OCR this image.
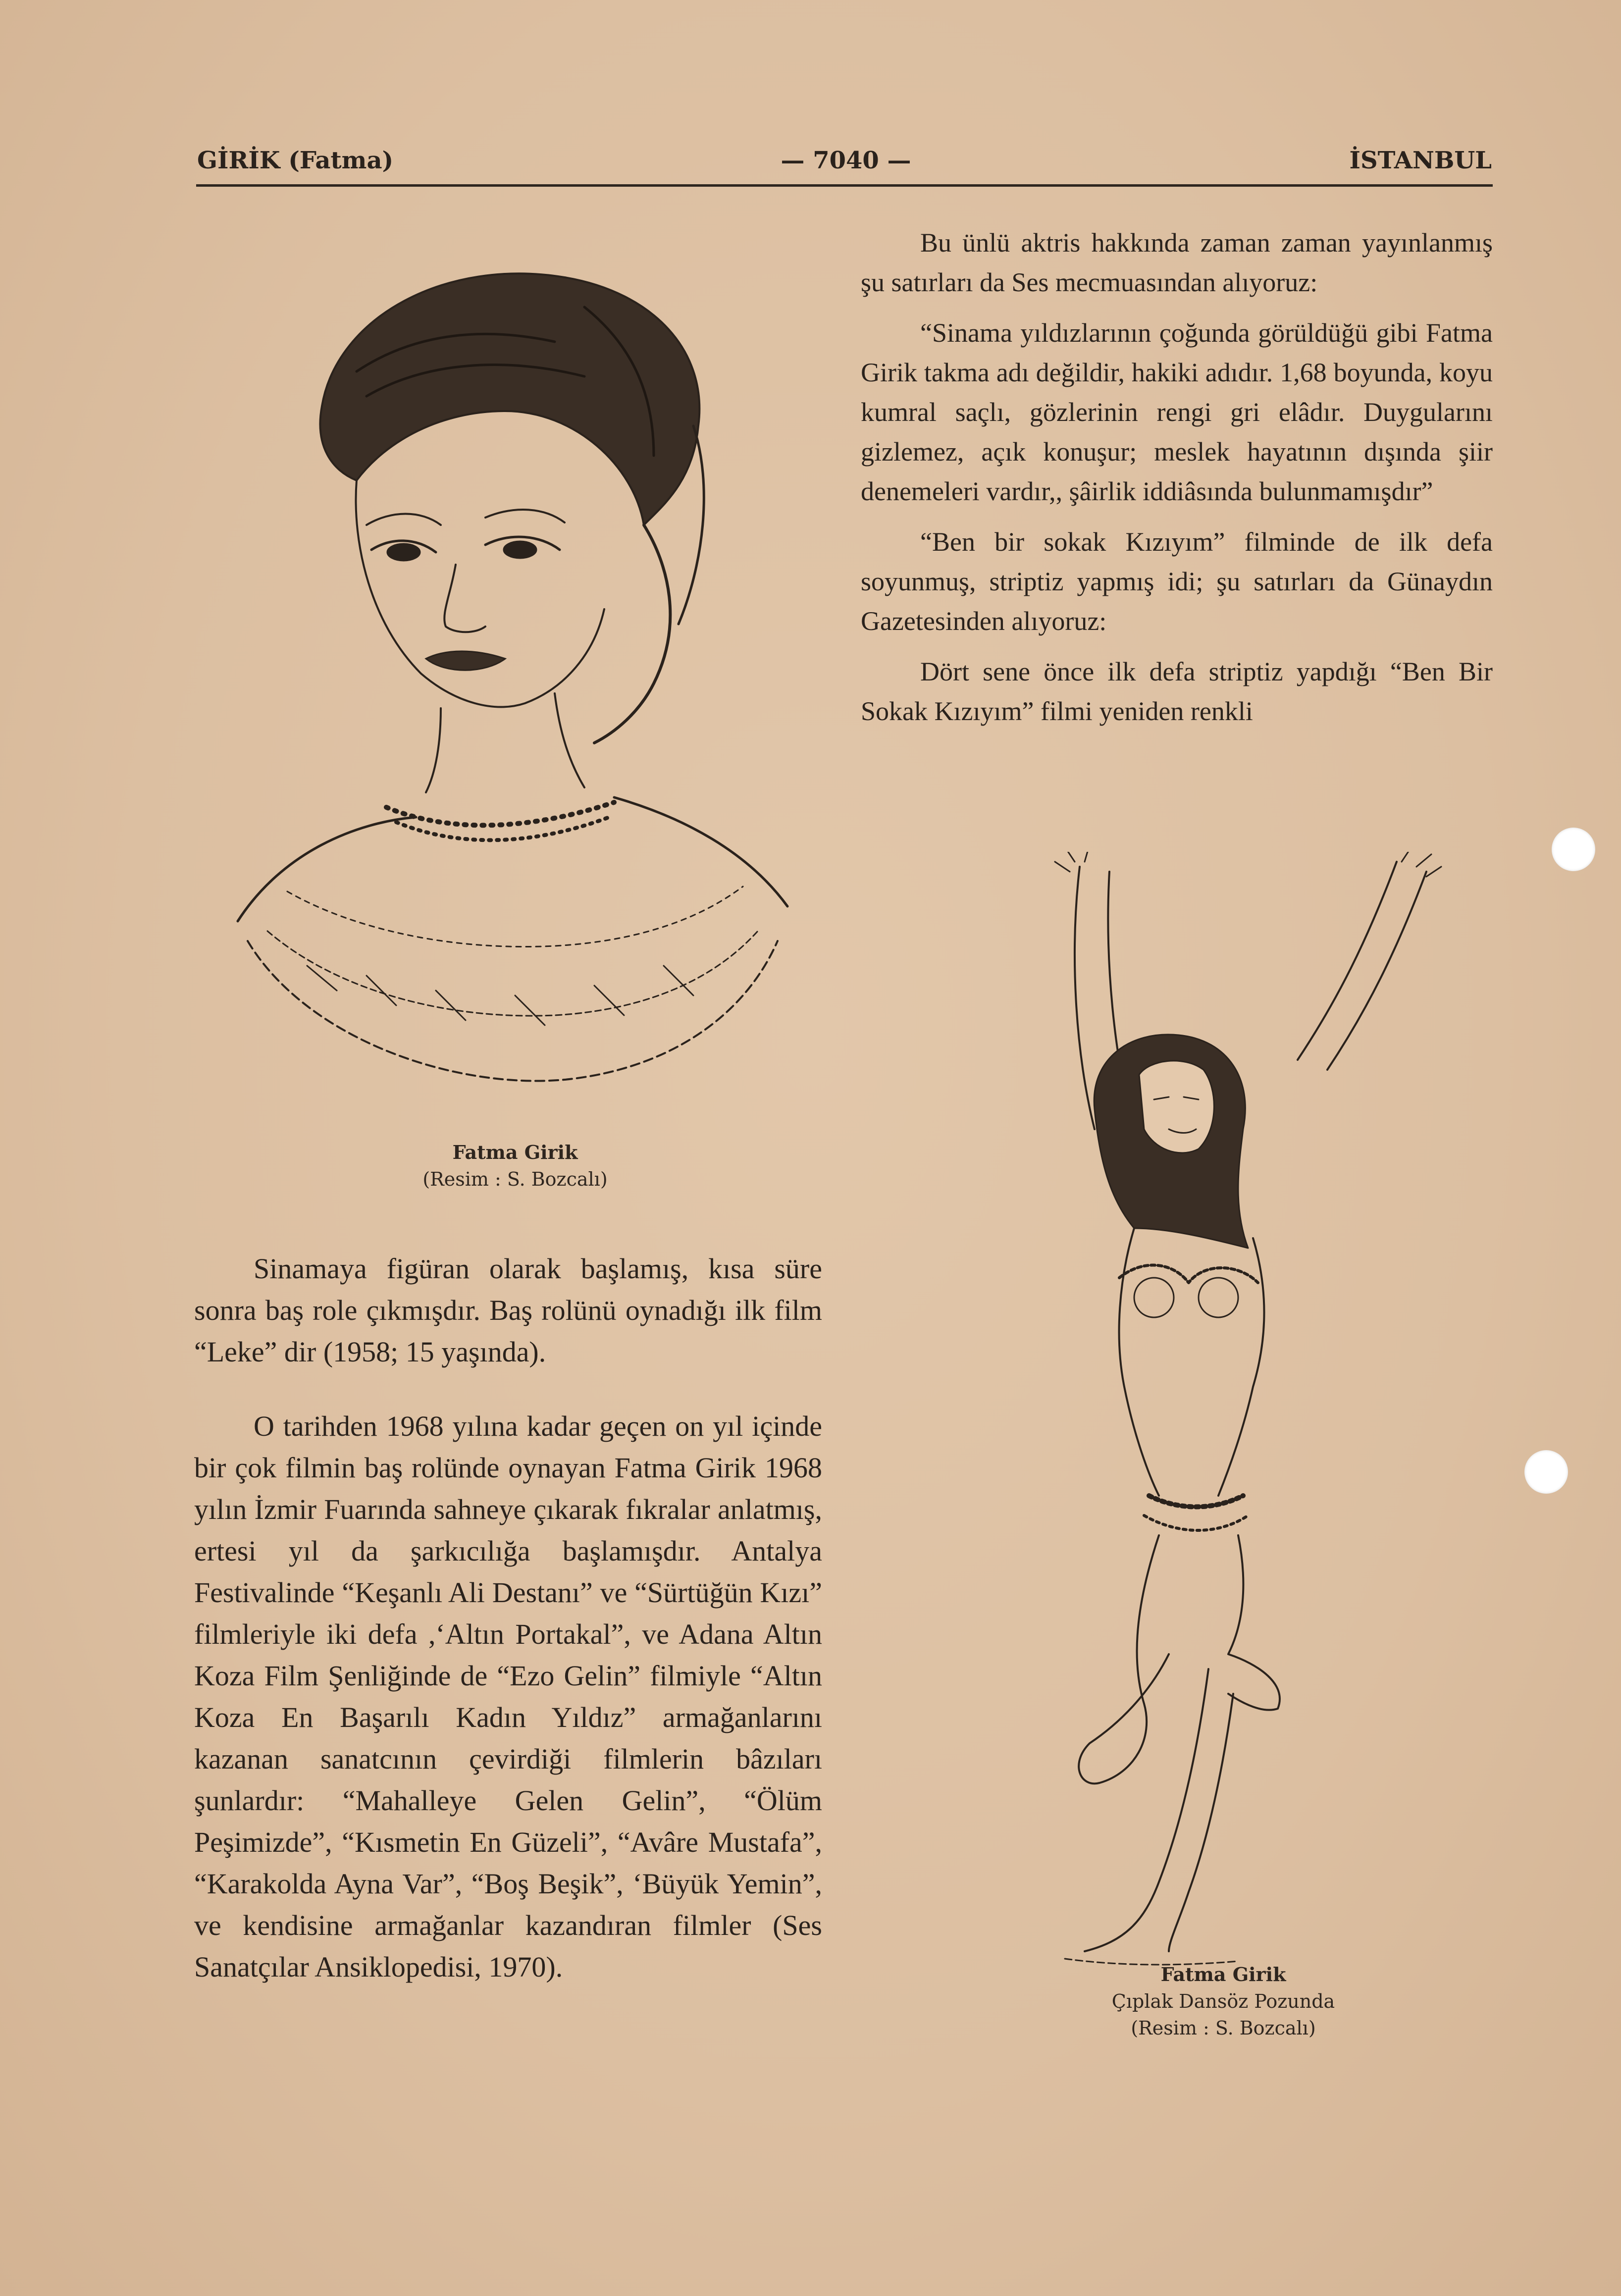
GİRİK (Fatma)	— 7040 —	İSTANBUL
Fatma Girik
(Resim : S. Bozcalı)

Sinamaya figüran olarak başlamış, kısa süre sonra baş role çıkmışdır. Baş rolünü oynadığı ilk film “Leke” dir (1958; 15 yaşında).

O tarihden 1968 yılına kadar geçen on yıl içinde bir çok filmin baş rolünde oynayan Fatma Girik 1968 yılın İzmir Fuarında sahneye çıkarak fıkralar anlatmış, ertesi yıl da şarkıcılığa başlamışdır. Antalya Festivalinde “Keşanlı Ali Destanı” ve “Sürtüğün Kızı” filmleriyle iki defa ,‘Altın Portakal”, ve Adana Altın Koza Film Şenliğinde de “Ezo Gelin” filmiyle “Altın Koza En Başarılı Kadın Yıldız” armağanlarını kazanan sanatcının çevirdiği filmlerin bâzıları şunlardır: “Mahalleye Gelen Gelin”, “Ölüm Peşimizde”, “Kısmetin En Güzeli”, “Avâre Mustafa”, “Karakolda Ayna Var”, “Boş Beşik”, ‘Büyük Yemin”, ve kendisine armağanlar kazandıran filmler (Ses Sanatçılar Ansiklopedisi, 1970).

Bu ünlü aktris hakkında zaman zaman yayınlanmış şu satırları da Ses mecmuasından alıyoruz:

“Sinama yıldızlarının çoğunda görüldüğü gibi Fatma Girik takma adı değildir, hakiki adıdır. 1,68 boyunda, koyu kumral saçlı, gözlerinin rengi gri elâdır. Duygularını gizlemez, açık konuşur; meslek hayatının dışında şiir denemeleri vardır,, şâirlik iddiâsında bulunmamışdır”

“Ben bir sokak Kızıyım” filminde de ilk defa soyunmuş, striptiz yapmış idi; şu satırları da Günaydın Gazetesinden alıyoruz:

Dört sene önce ilk defa striptiz yapdığı “Ben Bir Sokak Kızıyım” filmi yeniden renkli

Fatma Girik
Çıplak Dansöz Pozunda
(Resim : S. Bozcalı)
